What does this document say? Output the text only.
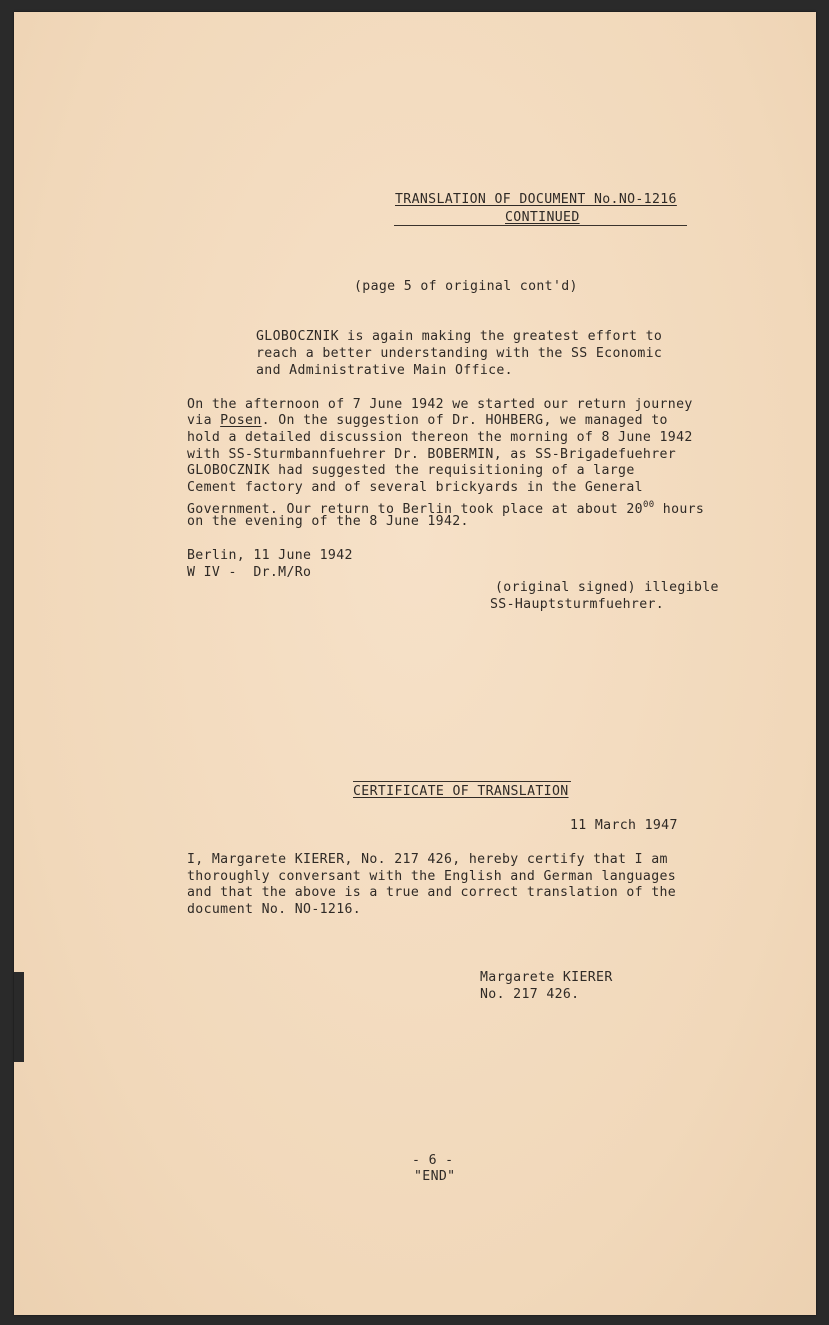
TRANSLATION OF DOCUMENT No.NO-1216
CONTINUED
(page 5 of original cont'd)
GLOBOCZNIK is again making the greatest effort to
reach a better understanding with the SS Economic
and Administrative Main Office.
On the afternoon of 7 June 1942 we started our return journey
via Posen. On the suggestion of Dr. HOHBERG, we managed to
hold a detailed discussion thereon the morning of 8 June 1942
with SS-Sturmbannfuehrer Dr. BOBERMIN, as SS-Brigadefuehrer
GLOBOCZNIK had suggested the requisitioning of a large
Cement factory and of several brickyards in the General
Government. Our return to Berlin took place at about $20^{00}$ hours
on the evening of the 8 June 1942.
Berlin, 11 June 1942
W IV -  Dr.M/Ro
(original signed) illegible
SS-Hauptsturmfuehrer.
CERTIFICATE OF TRANSLATION
11 March 1947
I, Margarete KIERER, No. 217 426, hereby certify that I am
thoroughly conversant with the English and German languages
and that the above is a true and correct translation of the
document No. NO-1216.
Margarete KIERER
No. 217 426.
- 6 -
"END"
